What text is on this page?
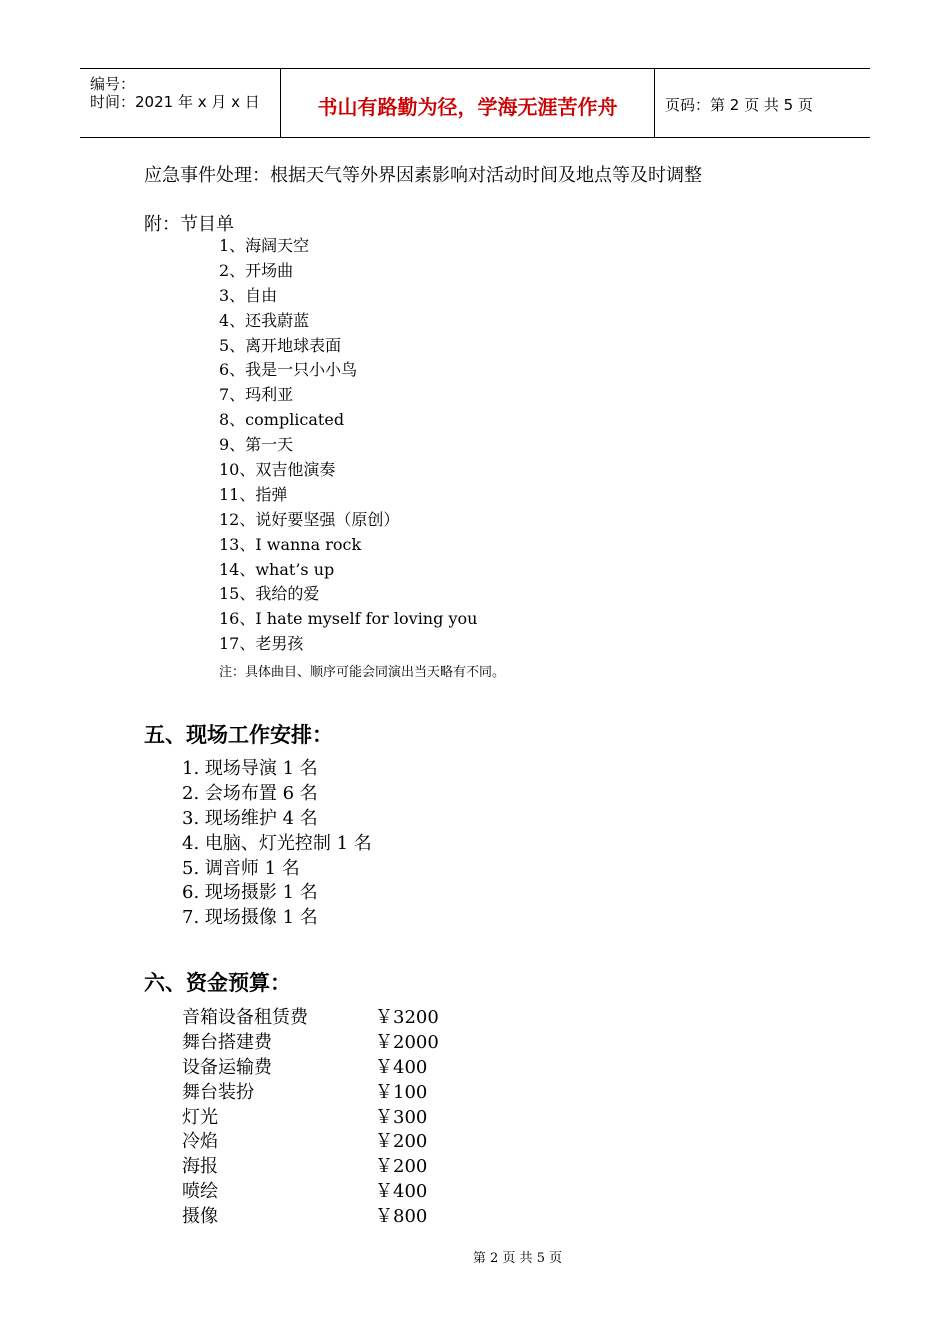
编号：
时间：2021 年 x 月 x 日	书山有路勤为径，学海无涯苦作舟	页码：第 2 页 共 5 页
应急事件处理：根据天气等外界因素影响对活动时间及地点等及时调整
附：节目单
1、海阔天空
2、开场曲
3、自由
4、还我蔚蓝
5、离开地球表面
6、我是一只小小鸟
7、玛利亚
8、complicated
9、第一天
10、双吉他演奏
11、指弹
12、说好要坚强（原创）
13、I wanna rock
14、what’s up
15、我给的爱
16、I hate myself for loving you
17、老男孩
注：具体曲目、顺序可能会同演出当天略有不同。
五、现场工作安排：
1. 现场导演 1 名
2. 会场布置 6 名
3. 现场维护 4 名
4. 电脑、灯光控制 1 名
5. 调音师 1 名
6. 现场摄影 1 名
7. 现场摄像 1 名
六、资金预算：
音箱设备租赁费	￥3200
舞台搭建费	￥2000
设备运输费	￥400
舞台装扮	￥100
灯光	￥300
冷焰	￥200
海报	￥200
喷绘	￥400
摄像	￥800
第 2 页 共 5 页
